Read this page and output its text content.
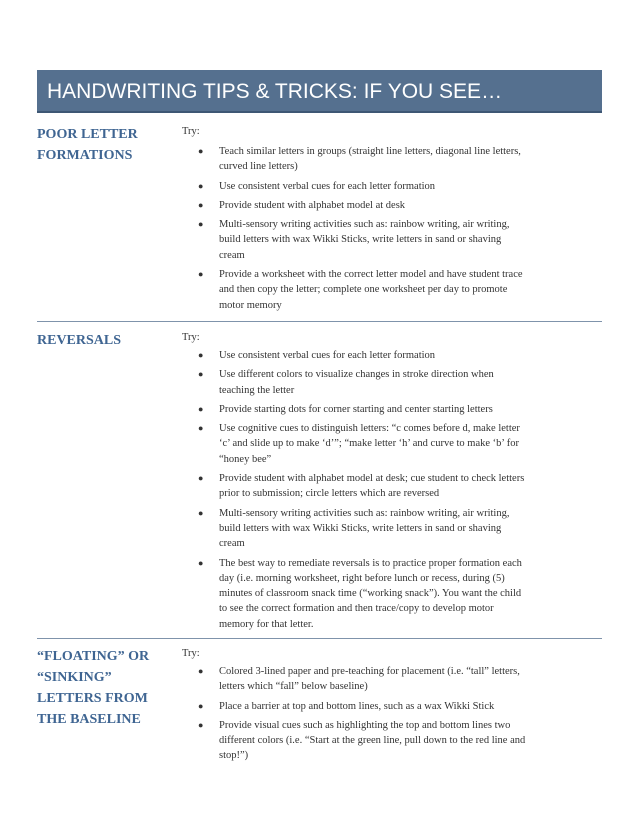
HANDWRITING TIPS & TRICKS: IF YOU SEE…
POOR LETTER FORMATIONS
Try:
● Teach similar letters in groups (straight line letters, diagonal line letters, curved line letters)
● Use consistent verbal cues for each letter formation
● Provide student with alphabet model at desk
● Multi-sensory writing activities such as: rainbow writing, air writing, build letters with wax Wikki Sticks, write letters in sand or shaving cream
● Provide a worksheet with the correct letter model and have student trace and then copy the letter; complete one worksheet per day to promote motor memory
REVERSALS	Try:
● Use consistent verbal cues for each letter formation
● Use different colors to visualize changes in stroke direction when teaching the letter
● Provide starting dots for corner starting and center starting letters
● Use cognitive cues to distinguish letters: “c comes before d, make letter ‘c’ and slide up to make ‘d’”; “make letter ‘h’ and curve to make ‘b’ for “honey bee”
● Provide student with alphabet model at desk; cue student to check letters prior to submission; circle letters which are reversed
● Multi-sensory writing activities such as: rainbow writing, air writing, build letters with wax Wikki Sticks, write letters in sand or shaving cream
● The best way to remediate reversals is to practice proper formation each day (i.e. morning worksheet, right before lunch or recess, during (5) minutes of classroom snack time (“working snack”). You want the child to see the correct formation and then trace/copy to develop motor memory for that letter.
“FLOATING” OR “SINKING” LETTERS FROM THE BASELINE
Try:
● Colored 3-lined paper and pre-teaching for placement (i.e. “tall” letters, letters which “fall” below baseline)
● Place a barrier at top and bottom lines, such as a wax Wikki Stick
● Provide visual cues such as highlighting the top and bottom lines two different colors (i.e. “Start at the green line, pull down to the red line and stop!”)
